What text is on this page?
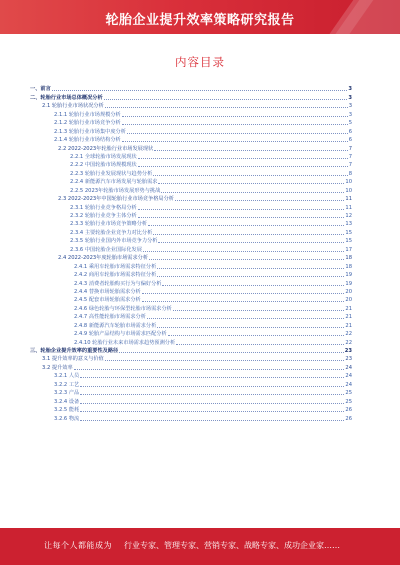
轮胎企业提升效率策略研究报告
内容目录
一、前言	3
二、轮胎行业市场总体概况分析	3
2.1 轮胎行业市场状况分析	3
2.1.1 轮胎行业市场规模分析	3
2.1.2 轮胎行业市场竞争分析	5
2.1.3 轮胎行业市场集中度分析	6
2.1.4 轮胎行业市场结构分析	6
2.2 2022-2023年轮胎行业市场发展现状	7
2.2.1 全球轮胎市场发展现状	7
2.2.2 中国轮胎市场规模现状	7
2.2.3 轮胎行业发展现状与趋势分析	8
2.2.4 新能源汽车市场发展与轮胎需求	10
2.2.5 2023年轮胎市场发展形势与挑战	10
2.3 2022-2023年中国轮胎行业市场竞争格局分析	11
2.3.1 轮胎行业竞争格局分析	11
2.3.2 轮胎行业竞争主体分析	12
2.3.3 轮胎行业市场竞争策略分析	13
2.3.4 主要轮胎企业竞争力对比分析	15
2.3.5 轮胎行业国内外市场竞争力分析	15
2.3.6 中国轮胎企业国际化发展	17
2.4 2022-2023年度轮胎市场需求分析	18
2.4.1 乘用车轮胎市场需求特征分析	18
2.4.2 商用车轮胎市场需求特征分析	19
2.4.3 消费者轮胎购买行为与偏好分析	19
2.4.4 替换市场轮胎需求分析	20
2.4.5 配套市场轮胎需求分析	20
2.4.6 绿色轮胎与环保型轮胎市场需求分析	21
2.4.7 高性能轮胎市场需求分析	21
2.4.8 新能源汽车轮胎市场需求分析	21
2.4.9 轮胎产品结构与市场需求匹配分析	22
2.4.10 轮胎行业未来市场需求趋势预测分析	22
三、轮胎企业提升效率的重要性及路径	23
3.1 提升效率的意义与价值	23
3.2 提升效率	24
3.2.1 人员	24
3.2.2 工艺	24
3.2.3 产品	25
3.2.4 设备	25
3.2.5 能耗	26
3.2.6 物流	26
让每个人都能成为 行业专家、管理专家、营销专家、战略专家、成功企业家……
